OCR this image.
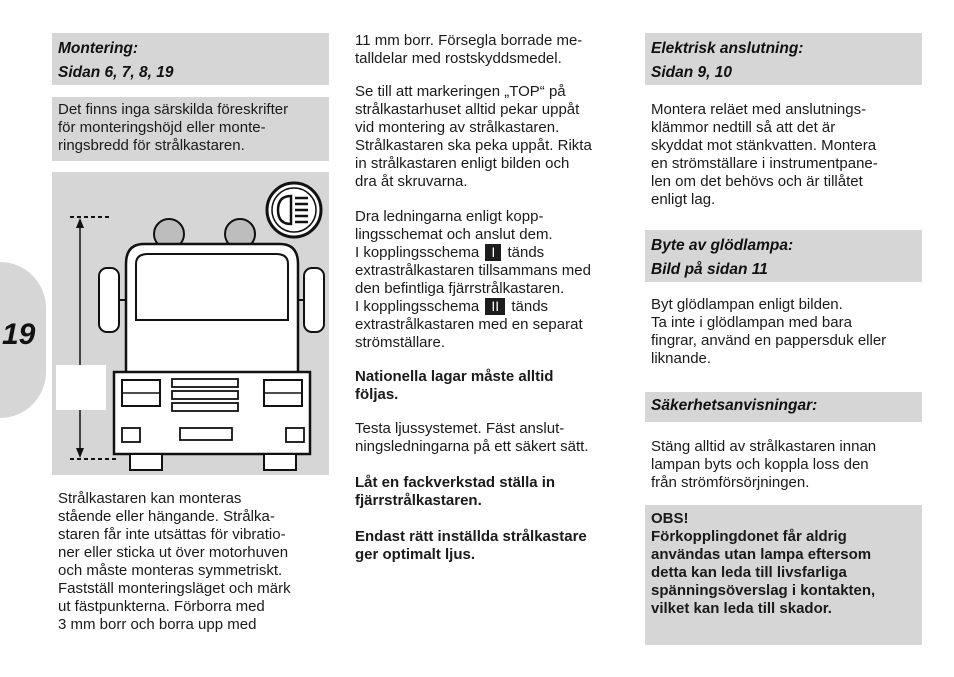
19
Montering:
Sidan 6, 7, 8, 19
Det finns inga särskilda föreskrifter
för monteringshöjd eller monte-
ringsbredd för strålkastaren.
Strålkastaren kan monteras
stående eller hängande. Strålka-
staren får inte utsättas för vibratio-
ner eller sticka ut över motorhuven
och måste monteras symmetriskt.
Fastställ monteringsläget och märk
ut fästpunkterna. Förborra med
3 mm borr och borra upp med
11 mm borr. Försegla borrade me-
talldelar med rostskyddsmedel.
Se till att markeringen „TOP“ på
strålkastarhuset alltid pekar uppåt
vid montering av strålkastaren.
Strålkastaren ska peka uppåt. Rikta
in strålkastaren enligt bilden och
dra åt skruvarna.
Dra ledningarna enligt kopp-
lingsschemat och anslut dem.
I kopplingsschema I tänds
extrastrålkastaren tillsammans med
den befintliga fjärrstrålkastaren.
I kopplingsschema II tänds
extrastrålkastaren med en separat
strömställare.
Nationella lagar måste alltid
följas.
Testa ljussystemet. Fäst anslut-
ningsledningarna på ett säkert sätt.
Låt en fackverkstad ställa in
fjärrstrålkastaren.
Endast rätt inställda strålkastare
ger optimalt ljus.
Elektrisk anslutning:
Sidan 9, 10
Montera reläet med anslutnings-
klämmor nedtill så att det är
skyddat mot stänkvatten. Montera
en strömställare i instrumentpane-
len om det behövs och är tillåtet
enligt lag.
Byte av glödlampa:
Bild på sidan 11
Byt glödlampan enligt bilden.
Ta inte i glödlampan med bara
fingrar, använd en pappersduk eller
liknande.
Säkerhetsanvisningar:
Stäng alltid av strålkastaren innan
lampan byts och koppla loss den
från strömförsörjningen.
OBS!
Förkopplingdonet får aldrig
användas utan lampa eftersom
detta kan leda till livsfarliga
spänningsöverslag i kontakten,
vilket kan leda till skador.
